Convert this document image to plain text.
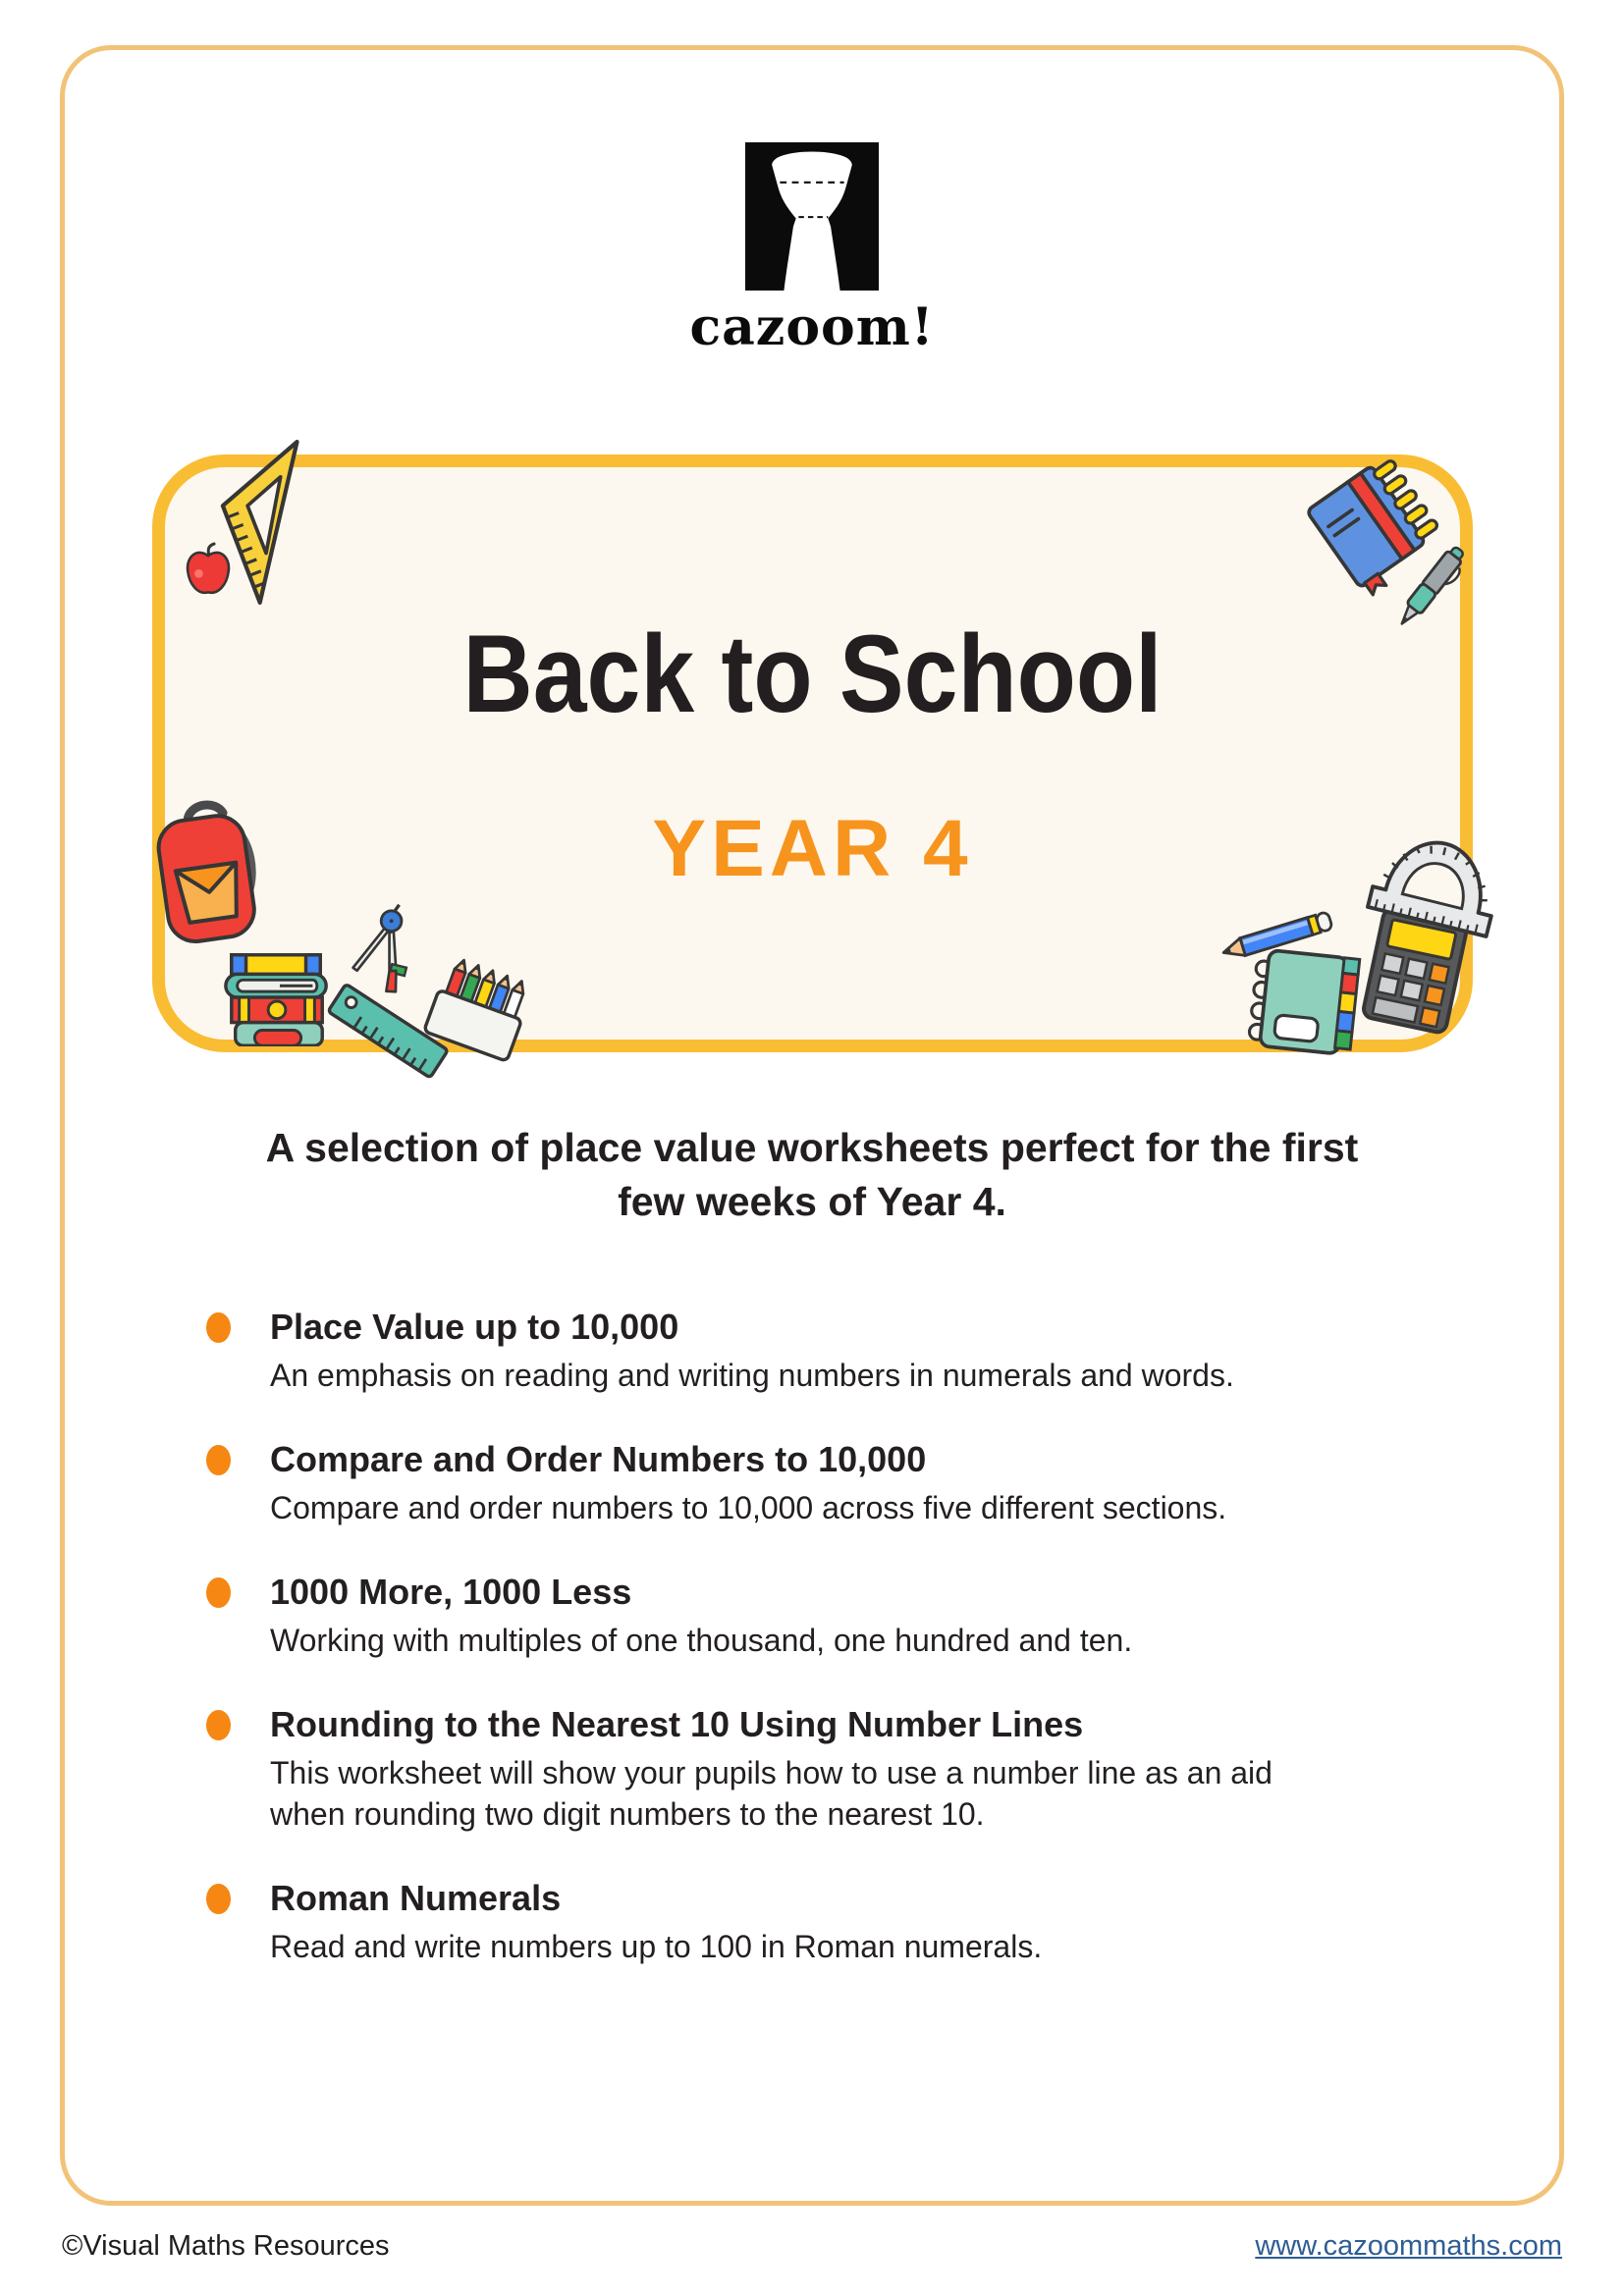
cazoom!
Back to School
YEAR 4

A selection of place value worksheets perfect for the first few weeks of Year 4.

Place Value up to 10,000
An emphasis on reading and writing numbers in numerals and words.
Compare and Order Numbers to 10,000
Compare and order numbers to 10,000 across five different sections.
1000 More, 1000 Less
Working with multiples of one thousand, one hundred and ten.
Rounding to the Nearest 10 Using Number Lines
This worksheet will show your pupils how to use a number line as an aid when rounding two digit numbers to the nearest 10.
Roman Numerals
Read and write numbers up to 100 in Roman numerals.
©Visual Maths Resources	www.cazoommaths.com
